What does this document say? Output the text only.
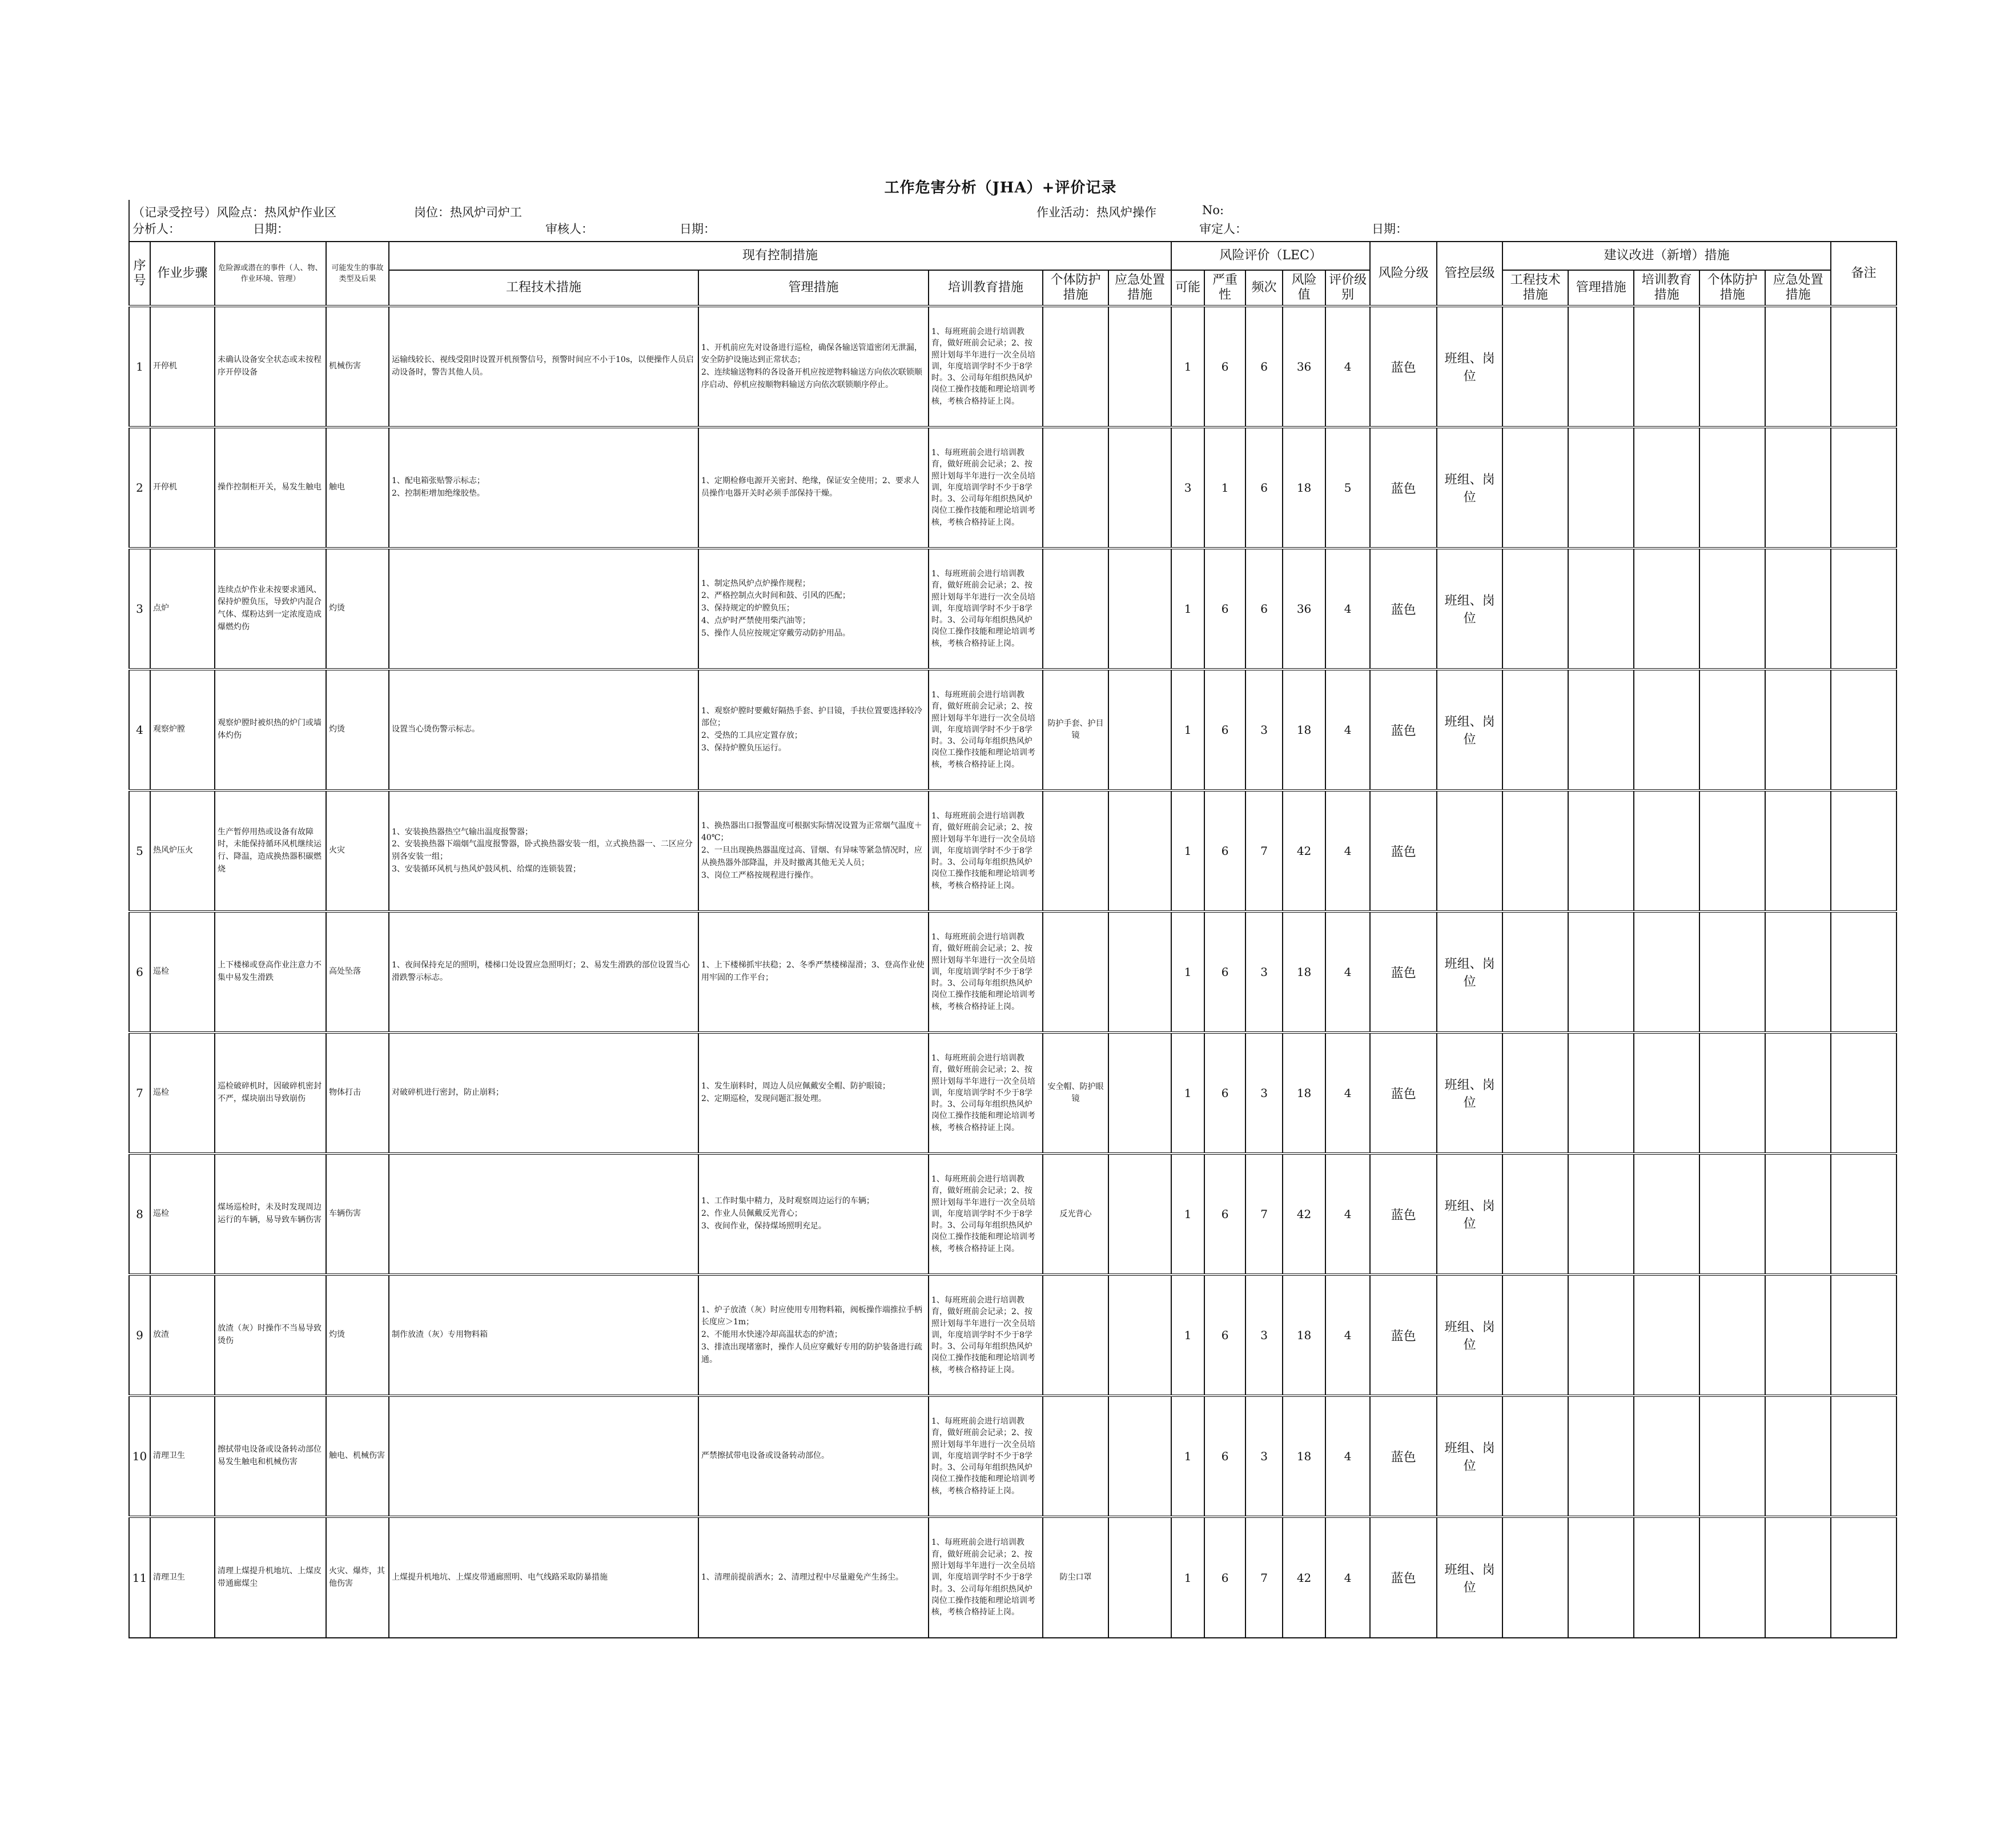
工作危害分析（JHA）+评价记录
（记录受控号）风险点：热风炉作业区	岗位：热风炉司炉工	作业活动：热风炉操作	No:
分析人：	日期：	审核人：	日期：	审定人：	日期：
序号	作业步骤	危险源或潜在的事件（人、物、作业环境、管理）	可能发生的事故类型及后果	现有控制措施					风险评价（LEC）					风险分级	管控层级	建议改进（新增）措施					备注
				工程技术措施	管理措施	培训教育措施	个体防护措施	应急处置措施	可能	严重性	频次	风险值	评价级别			工程技术措施	管理措施	培训教育措施	个体防护措施	应急处置措施	
1	开停机	未确认设备安全状态或未按程序开停设备	机械伤害	运输线较长、视线受阻时设置开机预警信号，预警时间应不小于10s，以便操作人员启动设备时，警告其他人员。	1、开机前应先对设备进行巡检，确保各输送管道密闭无泄漏，安全防护设施达到正常状态；
2、连续输送物料的各设备开机应按逆物料输送方向依次联锁顺序启动、停机应按顺物料输送方向依次联锁顺序停止。	1、每班班前会进行培训教育，做好班前会记录；2、按照计划每半年进行一次全员培训，年度培训学时不少于8学时。3、公司每年组织热风炉岗位工操作技能和理论培训考核，考核合格持证上岗。			1	6	6	36	4	蓝色	班组、岗位						
2	开停机	操作控制柜开关，易发生触电	触电	1、配电箱张贴警示标志；
2、控制柜增加绝缘胶垫。	1、定期检修电源开关密封、绝缘，保证安全使用；2、要求人员操作电器开关时必须手部保持干燥。	1、每班班前会进行培训教育，做好班前会记录；2、按照计划每半年进行一次全员培训，年度培训学时不少于8学时。3、公司每年组织热风炉岗位工操作技能和理论培训考核，考核合格持证上岗。			3	1	6	18	5	蓝色	班组、岗位						
3	点炉	连续点炉作业未按要求通风、保持炉膛负压，导致炉内混合气体、煤粉达到一定浓度造成爆燃灼伤	灼烫		1、制定热风炉点炉操作规程；
2、严格控制点火时间和鼓、引风的匹配；
3、保持规定的炉膛负压；
4、点炉时严禁使用柴汽油等；
5、操作人员应按规定穿戴劳动防护用品。	1、每班班前会进行培训教育，做好班前会记录；2、按照计划每半年进行一次全员培训，年度培训学时不少于8学时。3、公司每年组织热风炉岗位工操作技能和理论培训考核，考核合格持证上岗。			1	6	6	36	4	蓝色	班组、岗位						
4	观察炉膛	观察炉膛时被炽热的炉门或墙体灼伤	灼烫	设置当心烫伤警示标志。	1、观察炉膛时要戴好隔热手套、护目镜，手扶位置要选择较冷部位；
2、受热的工具应定置存放；
3、保持炉膛负压运行。	1、每班班前会进行培训教育，做好班前会记录；2、按照计划每半年进行一次全员培训，年度培训学时不少于8学时。3、公司每年组织热风炉岗位工操作技能和理论培训考核，考核合格持证上岗。	防护手套、护目镜		1	6	3	18	4	蓝色	班组、岗位						
5	热风炉压火	生产暂停用热或设备有故障时，未能保持循环风机继续运行、降温，造成换热器积碳燃烧	火灾	1、安装换热器热空气输出温度报警器；
2、安装换热器下端烟气温度报警器，卧式换热器安装一组，立式换热器一、二区应分别各安装一组；
3、安装循环风机与热风炉鼓风机、给煤的连锁装置；	1、换热器出口报警温度可根据实际情况设置为正常烟气温度＋40℃；
2、一旦出现换热器温度过高、冒烟、有异味等紧急情况时，应从换热器外部降温，并及时撤离其他无关人员；
3、岗位工严格按规程进行操作。	1、每班班前会进行培训教育，做好班前会记录；2、按照计划每半年进行一次全员培训，年度培训学时不少于8学时。3、公司每年组织热风炉岗位工操作技能和理论培训考核，考核合格持证上岗。			1	6	7	42	4	蓝色							
6	巡检	上下楼梯或登高作业注意力不集中易发生滑跌	高处坠落	1、夜间保持充足的照明，楼梯口处设置应急照明灯；2、易发生滑跌的部位设置当心滑跌警示标志。	1、上下楼梯抓牢扶稳；2、冬季严禁楼梯湿滑；3、登高作业使用牢固的工作平台；	1、每班班前会进行培训教育，做好班前会记录；2、按照计划每半年进行一次全员培训，年度培训学时不少于8学时。3、公司每年组织热风炉岗位工操作技能和理论培训考核，考核合格持证上岗。			1	6	3	18	4	蓝色	班组、岗位						
7	巡检	巡检破碎机时，因破碎机密封不严，煤块崩出导致崩伤	物体打击	对破碎机进行密封，防止崩料；	1、发生崩料时，周边人员应佩戴安全帽、防护眼镜；
2、定期巡检，发现问题汇报处理。	1、每班班前会进行培训教育，做好班前会记录；2、按照计划每半年进行一次全员培训，年度培训学时不少于8学时。3、公司每年组织热风炉岗位工操作技能和理论培训考核，考核合格持证上岗。	安全帽、防护眼镜		1	6	3	18	4	蓝色	班组、岗位						
8	巡检	煤场巡检时，未及时发现周边运行的车辆，易导致车辆伤害	车辆伤害		1、工作时集中精力，及时观察周边运行的车辆；
2、作业人员佩戴反光背心；
3、夜间作业，保持煤场照明充足。	1、每班班前会进行培训教育，做好班前会记录；2、按照计划每半年进行一次全员培训，年度培训学时不少于8学时。3、公司每年组织热风炉岗位工操作技能和理论培训考核，考核合格持证上岗。	反光背心		1	6	7	42	4	蓝色	班组、岗位						
9	放渣	放渣（灰）时操作不当易导致烫伤	灼烫	制作放渣（灰）专用物料箱	1、炉子放渣（灰）时应使用专用物料箱，阀板操作端推拉手柄长度应＞1m；
2、不能用水快速冷却高温状态的炉渣；
3、排渣出现堵塞时，操作人员应穿戴好专用的防护装备进行疏通。	1、每班班前会进行培训教育，做好班前会记录；2、按照计划每半年进行一次全员培训，年度培训学时不少于8学时。3、公司每年组织热风炉岗位工操作技能和理论培训考核，考核合格持证上岗。			1	6	3	18	4	蓝色	班组、岗位						
10	清理卫生	擦拭带电设备或设备转动部位易发生触电和机械伤害	触电、机械伤害		严禁擦拭带电设备或设备转动部位。	1、每班班前会进行培训教育，做好班前会记录；2、按照计划每半年进行一次全员培训，年度培训学时不少于8学时。3、公司每年组织热风炉岗位工操作技能和理论培训考核，考核合格持证上岗。			1	6	3	18	4	蓝色	班组、岗位						
11	清理卫生	清理上煤提升机地坑、上煤皮带通廊煤尘	火灾、爆炸，其他伤害	上煤提升机地坑、上煤皮带通廊照明、电气线路采取防暴措施	1、清理前提前洒水；2、清理过程中尽量避免产生扬尘。	1、每班班前会进行培训教育，做好班前会记录；2、按照计划每半年进行一次全员培训，年度培训学时不少于8学时。3、公司每年组织热风炉岗位工操作技能和理论培训考核，考核合格持证上岗。	防尘口罩		1	6	7	42	4	蓝色	班组、岗位						
